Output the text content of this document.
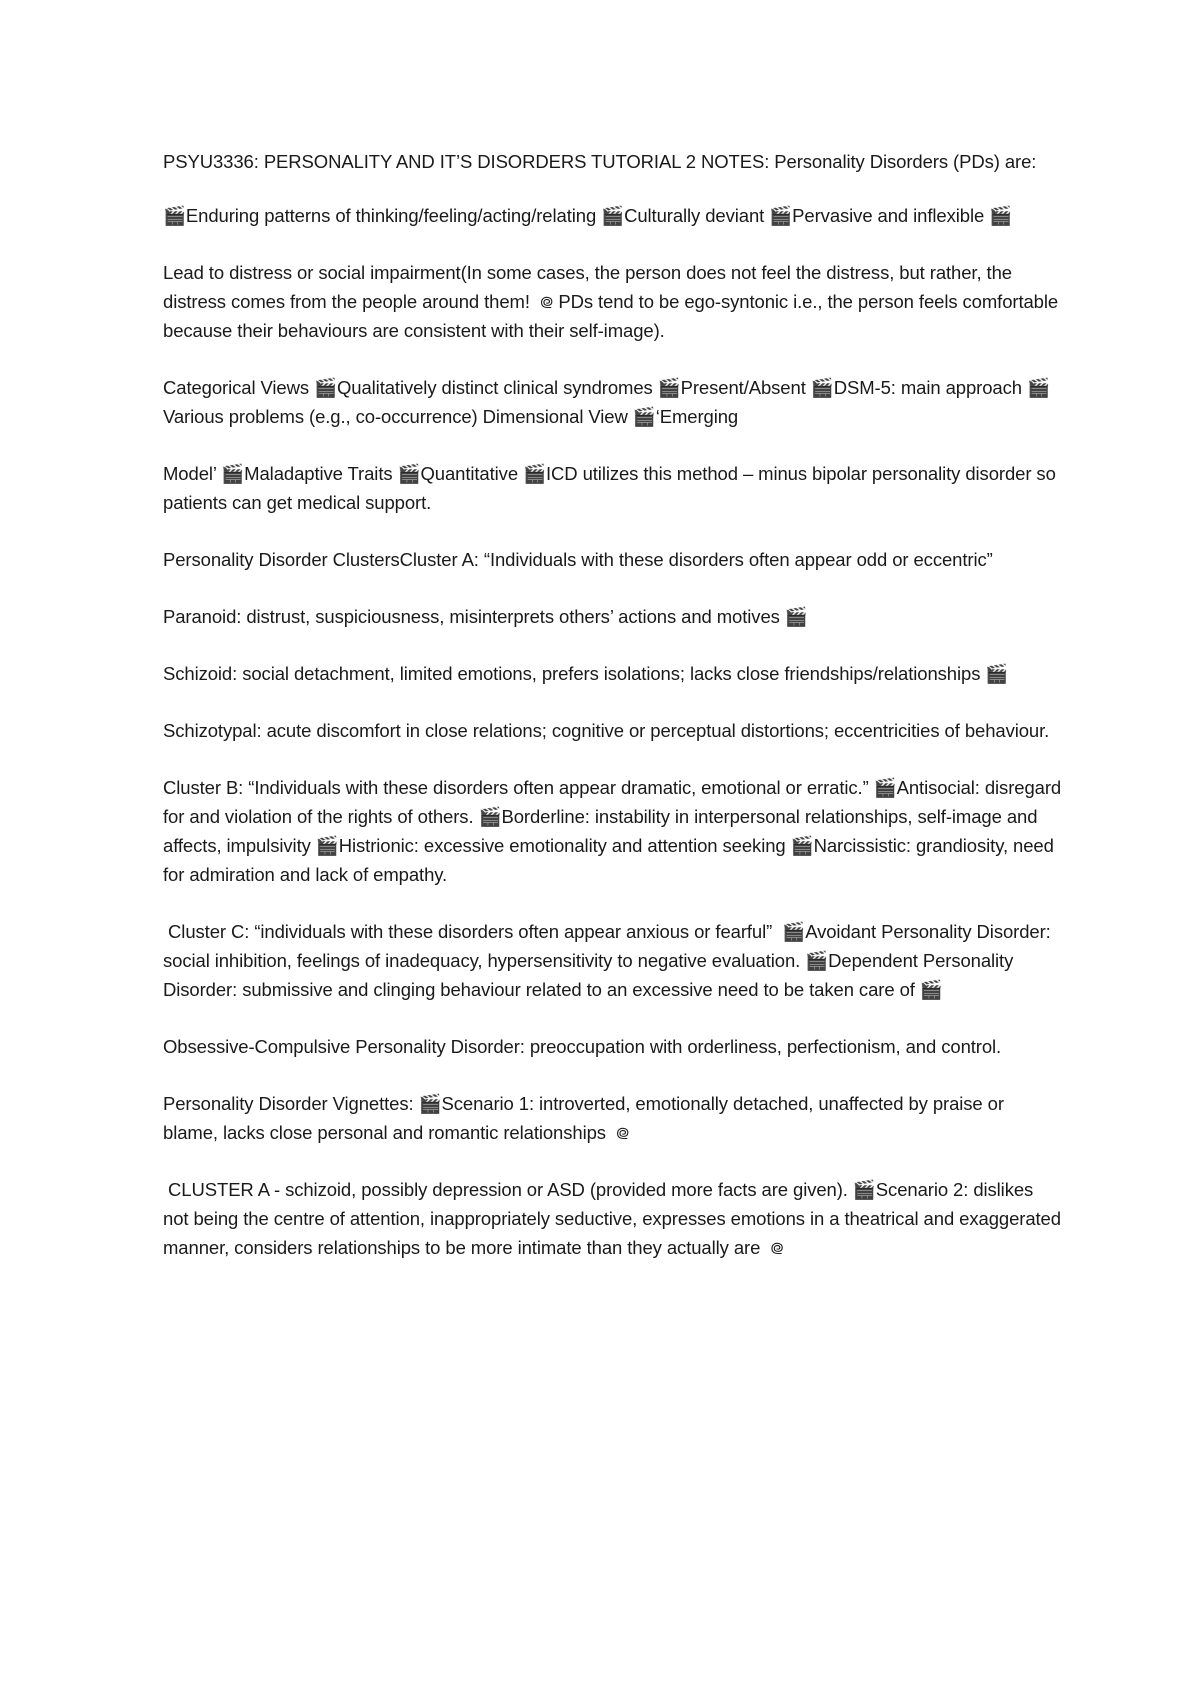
PSYU3336: PERSONALITY AND IT’S DISORDERS TUTORIAL 2 NOTES: Personality Disorders (PDs) are:

🎬Enduring patterns of thinking/feeling/acting/relating 🎬Culturally deviant 🎬Pervasive and inflexible 🎬

Lead to distress or social impairment(In some cases, the person does not feel the distress, but rather, the distress comes from the people around them!  ᪤ PDs tend to be ego-syntonic i.e., the person feels comfortable because their behaviours are consistent with their self-image).

Categorical Views 🎬Qualitatively distinct clinical syndromes 🎬Present/Absent 🎬DSM-5: main approach 🎬Various problems (e.g., co-occurrence) Dimensional View 🎬‘Emerging

Model’ 🎬Maladaptive Traits 🎬Quantitative 🎬ICD utilizes this method – minus bipolar personality disorder so patients can get medical support.

Personality Disorder ClustersCluster A: “Individuals with these disorders often appear odd or eccentric”

Paranoid: distrust, suspiciousness, misinterprets others’ actions and motives 🎬

Schizoid: social detachment, limited emotions, prefers isolations; lacks close friendships/relationships 🎬

Schizotypal: acute discomfort in close relations; cognitive or perceptual distortions; eccentricities of behaviour.

Cluster B: “Individuals with these disorders often appear dramatic, emotional or erratic.” 🎬Antisocial: disregard for and violation of the rights of others. 🎬Borderline: instability in interpersonal relationships, self-image and affects, impulsivity 🎬Histrionic: excessive emotionality and attention seeking 🎬Narcissistic: grandiosity, need for admiration and lack of empathy.

Cluster C: “individuals with these disorders often appear anxious or fearful”  🎬Avoidant Personality Disorder: social inhibition, feelings of inadequacy, hypersensitivity to negative evaluation. 🎬Dependent Personality Disorder: submissive and clinging behaviour related to an excessive need to be taken care of 🎬

Obsessive-Compulsive Personality Disorder: preoccupation with orderliness, perfectionism, and control.

Personality Disorder Vignettes: 🎬Scenario 1: introverted, emotionally detached, unaffected by praise or blame, lacks close personal and romantic relationships  ᪤

CLUSTER A - schizoid, possibly depression or ASD (provided more facts are given). 🎬Scenario 2: dislikes not being the centre of attention, inappropriately seductive, expresses emotions in a theatrical and exaggerated manner, considers relationships to be more intimate than they actually are  ᪤
